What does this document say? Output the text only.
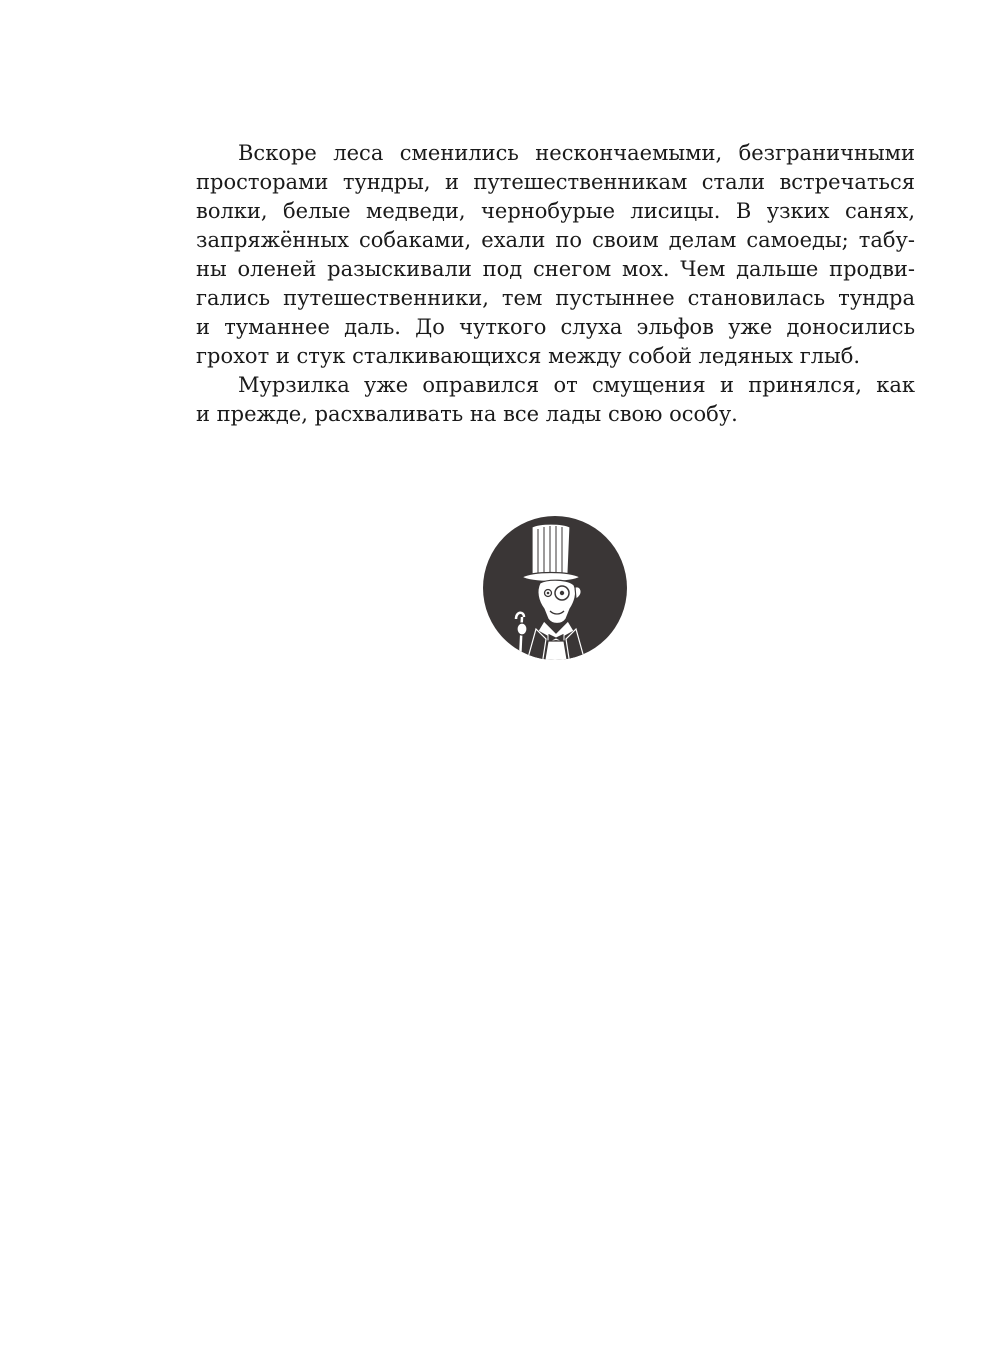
Вскоре леса сменились нескончаемыми, безграничными
просторами тундры, и путешественникам стали встречаться
волки, белые медведи, чернобурые лисицы. В узких санях,
запряжённых собаками, ехали по своим делам самоеды; табу-
ны оленей разыскивали под снегом мох. Чем дальше продви-
гались путешественники, тем пустыннее становилась тундра
и туманнее даль. До чуткого слуха эльфов уже доносились
грохот и стук сталкивающихся между собой ледяных глыб.
Мурзилка уже оправился от смущения и принялся, как
и прежде, расхваливать на все лады свою особу.
